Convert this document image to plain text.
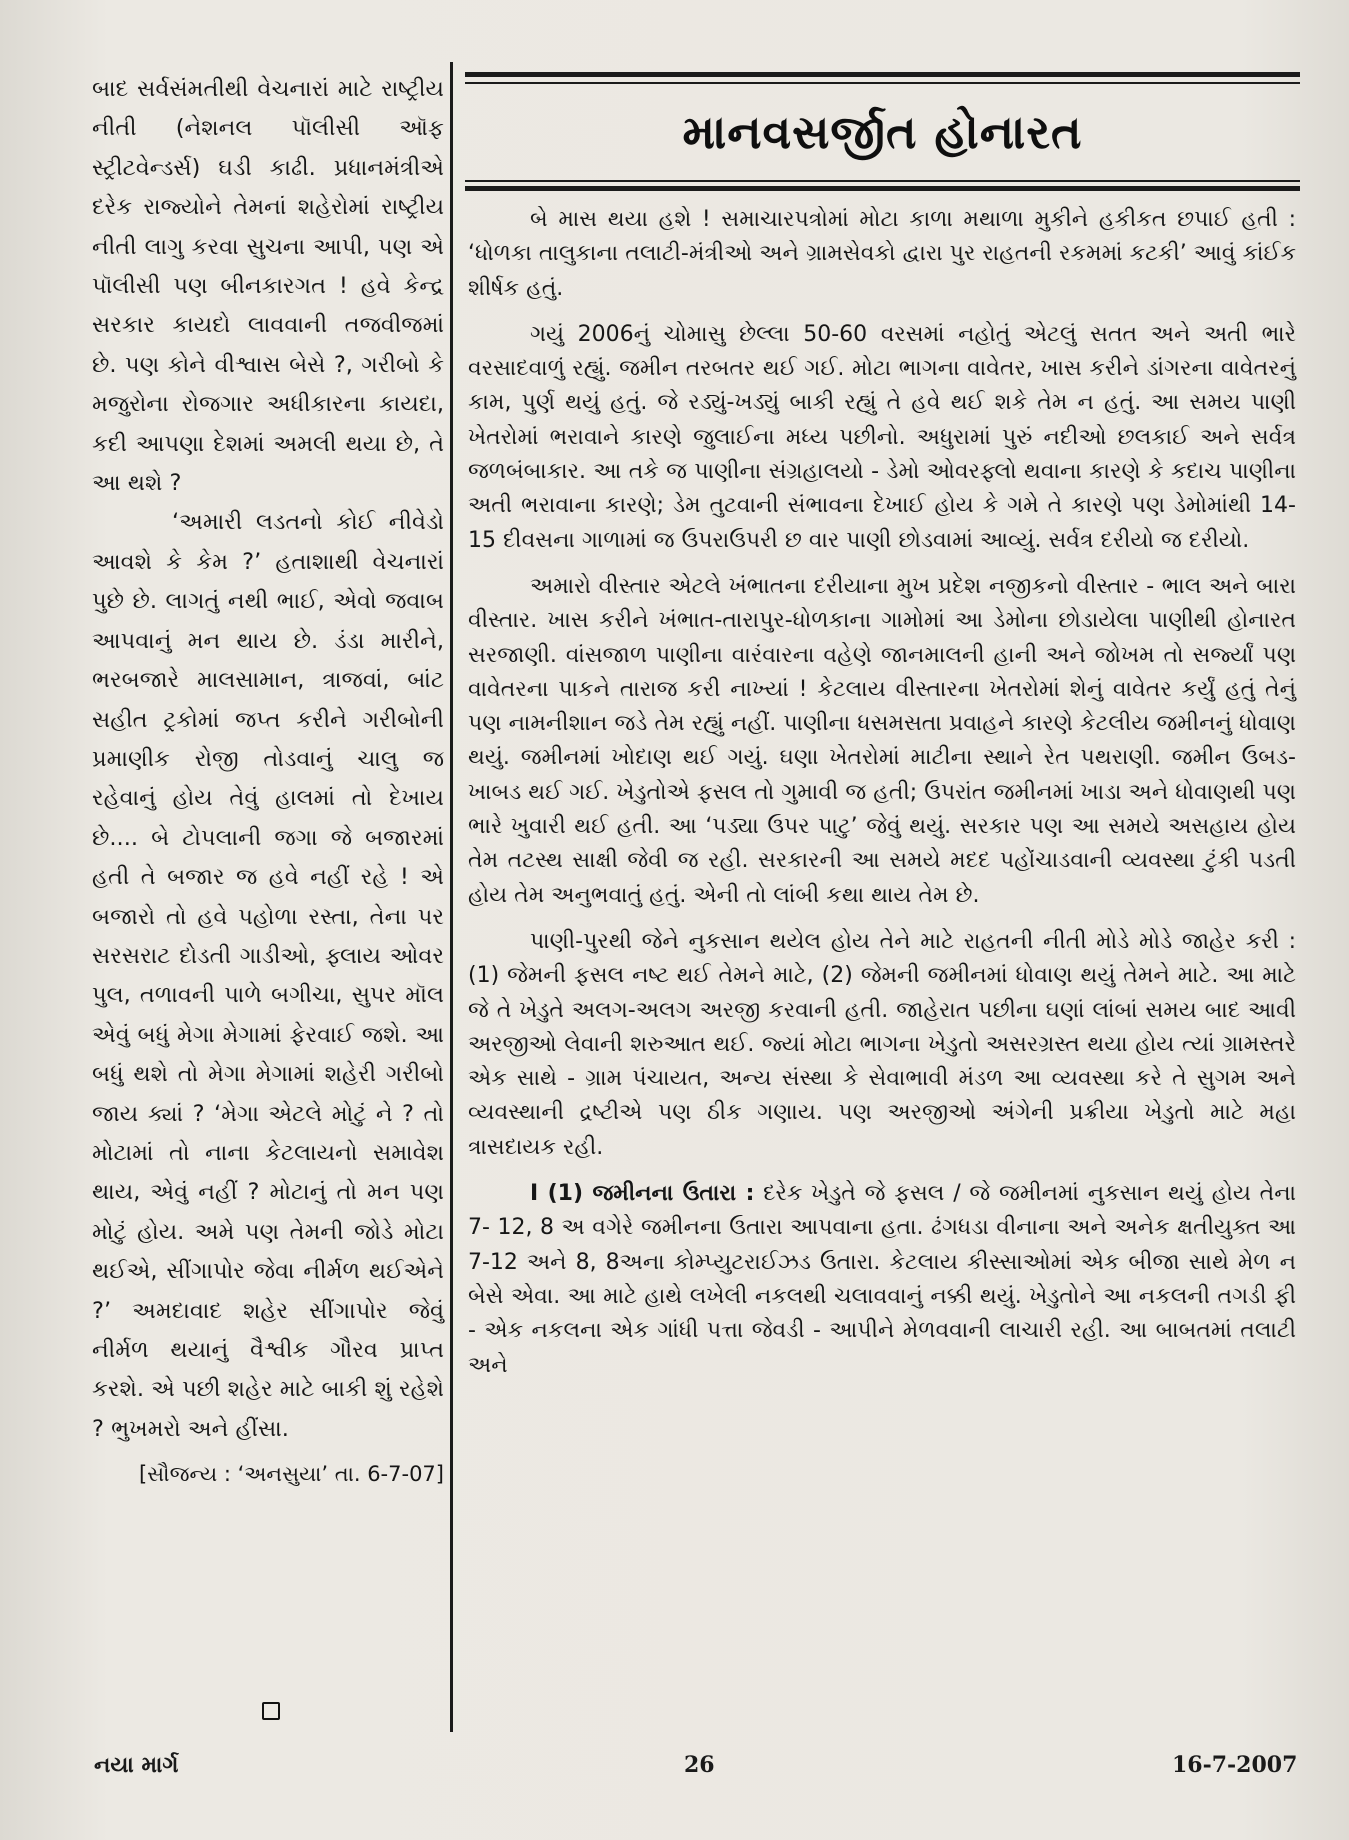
બાદ સર્વસંમતીથી વેચનારાં માટે રાષ્ટ્રીય નીતી (નેશનલ પૉલીસી ઑફ સ્ટ્રીટવેન્ડર્સ) ઘડી કાઢી. પ્રધાનમંત્રીએ દરેક રાજ્યોને તેમનાં શહેરોમાં રાષ્ટ્રીય નીતી લાગુ કરવા સુચના આપી, પણ એ પૉલીસી પણ બીનકારગત ! હવે કેન્દ્ર સરકાર કાયદો લાવવાની તજવીજમાં છે. પણ કોને વીશ્વાસ બેસે ?, ગરીબો કે મજુરોના રોજગાર અધીકારના કાયદા, કદી આપણા દેશમાં અમલી થયા છે, તે આ થશે ?

‘અમારી લડતનો કોઈ નીવેડો આવશે કે કેમ ?’ હતાશાથી વેચનારાં પુછે છે. લાગતું નથી ભાઈ, એવો જવાબ આપવાનું મન થાય છે. ડંડા મારીને, ભરબજારે માલસામાન, ત્રાજવાં, બાંટ સહીત ટ્રકોમાં જપ્ત કરીને ગરીબોની પ્રમાણીક રોજી તોડવાનું ચાલુ જ રહેવાનું હોય તેવું હાલમાં તો દેખાય છે.... બે ટોપલાની જગા જે બજારમાં હતી તે બજાર જ હવે નહીં રહે ! એ બજારો તો હવે પહોળા રસ્તા, તેના પર સરસરાટ દોડતી ગાડીઓ, ફ્લાય ઓવર પુલ, તળાવની પાળે બગીચા, સુપર મૉલ એવું બધું મેગા મેગામાં ફેરવાઈ જશે. આ બધું થશે તો મેગા મેગામાં શહેરી ગરીબો જાય ક્યાં ? ‘મેગા એટલે મોટું ને ? તો મોટામાં તો નાના કેટલાયનો સમાવેશ થાય, એવું નહીં ? મોટાનું તો મન પણ મોટું હોય. અમે પણ તેમની જોડે મોટા થઈએ, સીંગાપોર જેવા નીર્મળ થઈએને ?’ અમદાવાદ શહેર સીંગાપોર જેવું નીર્મળ થયાનું વૈશ્વીક ગૌરવ પ્રાપ્ત કરશે. એ પછી શહેર માટે બાકી શું રહેશે ? ભુખમરો અને હીંસા.

[સૌજન્ય : ‘અનસુયા’ તા. 6-7-07]
માનવસર્જીત હોનારત

બે માસ થયા હશે ! સમાચારપત્રોમાં મોટા કાળા મથાળા મુકીને હકીકત છપાઈ હતી : ‘ધોળકા તાલુકાના તલાટી-મંત્રીઓ અને ગ્રામસેવકો દ્વારા પુર રાહતની રકમમાં કટકી’ આવું કાંઈક શીર્ષક હતું.

ગયું 2006નું ચોમાસુ છેલ્લા 50-60 વરસમાં નહોતું એટલું સતત અને અતી ભારે વરસાદવાળું રહ્યું. જમીન તરબતર થઈ ગઈ. મોટા ભાગના વાવેતર, ખાસ કરીને ડાંગરના વાવેતરનું કામ, પુર્ણ થયું હતું. જે રડ્યું-ખડ્યું બાકી રહ્યું તે હવે થઈ શકે તેમ ન હતું. આ સમય પાણી ખેતરોમાં ભરાવાને કારણે જુલાઈના મધ્ય પછીનો. અધુરામાં પુરું નદીઓ છલકાઈ અને સર્વત્ર જળબંબાકાર. આ તકે જ પાણીના સંગ્રહાલયો - ડેમો ઓવરફ્લો થવાના કારણે કે કદાચ પાણીના અતી ભરાવાના કારણે; ડેમ તુટવાની સંભાવના દેખાઈ હોય કે ગમે તે કારણે પણ ડેમોમાંથી 14-15 દીવસના ગાળામાં જ ઉપરાઉપરી છ વાર પાણી છોડવામાં આવ્યું. સર્વત્ર દરીયો જ દરીયો.

અમારો વીસ્તાર એટલે ખંભાતના દરીયાના મુખ પ્રદેશ નજીકનો વીસ્તાર - ભાલ અને બારા વીસ્તાર. ખાસ કરીને ખંભાત-તારાપુર-ધોળકાના ગામોમાં આ ડેમોના છોડાયેલા પાણીથી હોનારત સરજાણી. વાંસજાળ પાણીના વારંવારના વહેણે જાનમાલની હાની અને જોખમ તો સર્જ્યાં પણ વાવેતરના પાકને તારાજ કરી નાખ્યાં ! કેટલાય વીસ્તારના ખેતરોમાં શેનું વાવેતર કર્યું હતું તેનું પણ નામનીશાન જડે તેમ રહ્યું નહીં. પાણીના ધસમસતા પ્રવાહને કારણે કેટલીય જમીનનું ધોવાણ થયું. જમીનમાં ખોદાણ થઈ ગયું. ઘણા ખેતરોમાં માટીના સ્થાને રેત પથરાણી. જમીન ઉબડ-ખાબડ થઈ ગઈ. ખેડુતોએ ફસલ તો ગુમાવી જ હતી; ઉપરાંત જમીનમાં ખાડા અને ધોવાણથી પણ ભારે ખુવારી થઈ હતી. આ ‘પડ્યા ઉપર પાટુ’ જેવું થયું. સરકાર પણ આ સમયે અસહાય હોય તેમ તટસ્થ સાક્ષી જેવી જ રહી. સરકારની આ સમયે મદદ પહોંચાડવાની વ્યવસ્થા ટુંકી પડતી હોય તેમ અનુભવાતું હતું. એની તો લાંબી કથા થાય તેમ છે.

પાણી-પુરથી જેને નુકસાન થયેલ હોય તેને માટે રાહતની નીતી મોડે મોડે જાહેર કરી : (1) જેમની ફસલ નષ્ટ થઈ તેમને માટે, (2) જેમની જમીનમાં ધોવાણ થયું તેમને માટે. આ માટે જે તે ખેડુતે અલગ-અલગ અરજી કરવાની હતી. જાહેરાત પછીના ઘણાં લાંબાં સમય બાદ આવી અરજીઓ લેવાની શરુઆત થઈ. જ્યાં મોટા ભાગના ખેડુતો અસરગ્રસ્ત થયા હોય ત્યાં ગ્રામસ્તરે એક સાથે - ગ્રામ પંચાયત, અન્ય સંસ્થા કે સેવાભાવી મંડળ આ વ્યવસ્થા કરે તે સુગમ અને વ્યવસ્થાની દ્રષ્ટીએ પણ ઠીક ગણાય. પણ અરજીઓ અંગેની પ્રક્રીયા ખેડુતો માટે મહા ત્રાસદાયક રહી.

I (1) જમીનના ઉતારા : દરેક ખેડુતે જે ફસલ / જે જમીનમાં નુકસાન થયું હોય તેના 7- 12, 8 અ વગેરે જમીનના ઉતારા આપવાના હતા. ઢંગધડા વીનાના અને અનેક ક્ષતીયુક્ત આ 7-12 અને 8, 8અના કોમ્પ્યુટરાઈઝડ ઉતારા. કેટલાય કીસ્સાઓમાં એક બીજા સાથે મેળ ન બેસે એવા. આ માટે હાથે લખેલી નકલથી ચલાવવાનું નક્કી થયું. ખેડુતોને આ નકલની તગડી ફી - એક નકલના એક ગાંધી પત્તા જેવડી - આપીને મેળવવાની લાચારી રહી. આ બાબતમાં તલાટી અને

નયા માર્ગ	26	16-7-2007
